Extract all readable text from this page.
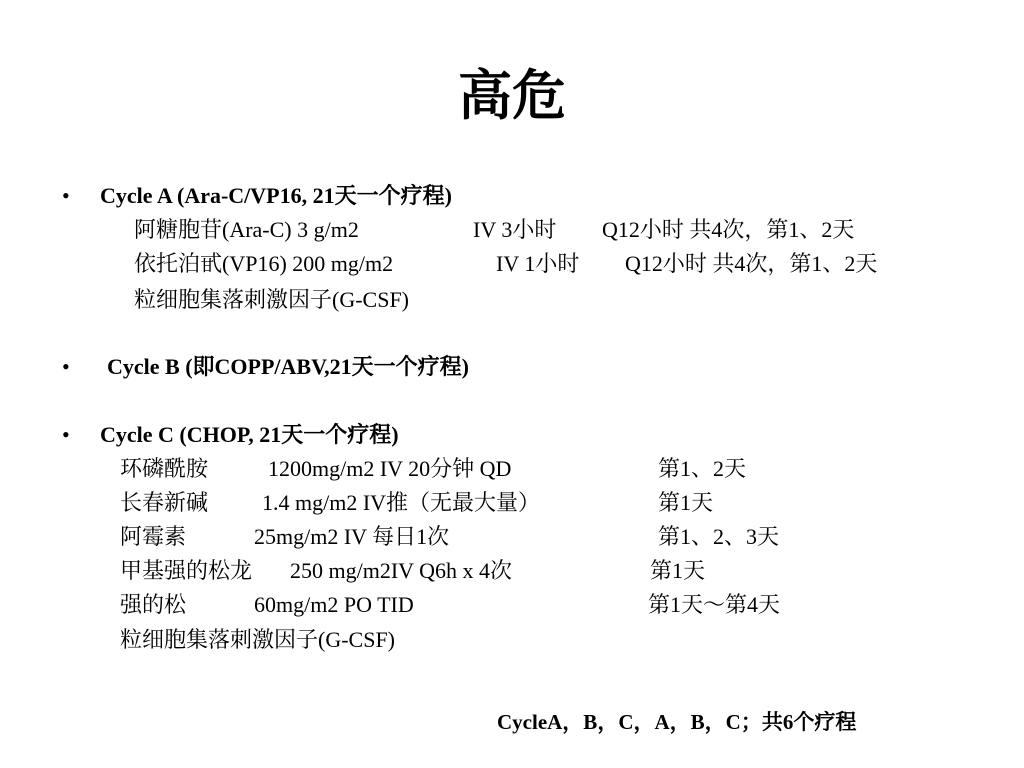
高危
• Cycle A (Ara-C/VP16, 21天一个疗程)
阿糖胞苷(Ara-C) 3 g/m2	IV 3小时 Q12小时 共4次，第1、2天
依托泊甙(VP16) 200 mg/m2	IV 1小时 Q12小时 共4次，第1、2天
粒细胞集落刺激因子(G-CSF)
• Cycle B (即COPP/ABV,21天一个疗程)
• Cycle C (CHOP, 21天一个疗程)
环磷酰胺	1200mg/m2 IV 20分钟 QD	第1、2天
长春新碱 1.4 mg/m2 IV推（无最大量）	第1天
阿霉素	25mg/m2 IV 每日1次	第1、2、3天
甲基强的松龙 250 mg/m2IV Q6h x 4次	第1天
强的松	60mg/m2 PO TID	第1天～第4天
粒细胞集落刺激因子(G-CSF)
CycleA，B，C，A，B，C；共6个疗程
